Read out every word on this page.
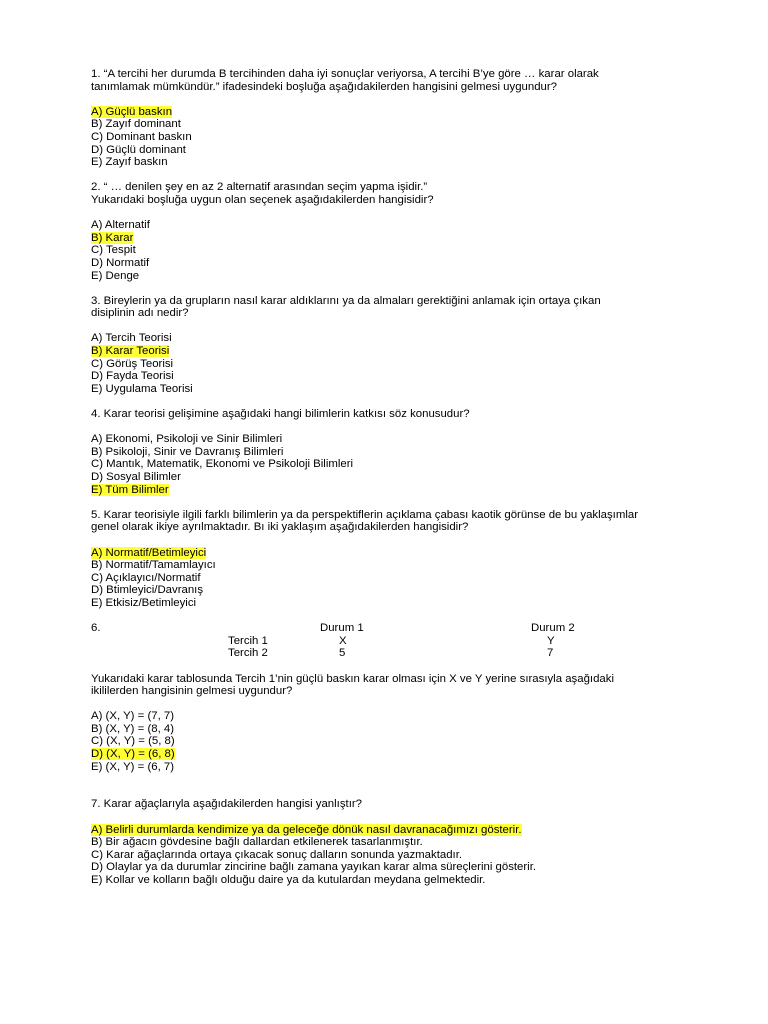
1. “A tercihi her durumda B tercihinden daha iyi sonuçlar veriyorsa, A tercihi B’ye göre … karar olarak
tanımlamak mümkündür.” ifadesindeki boşluğa aşağıdakilerden hangisini gelmesi uygundur?
A) Güçlü baskın
B) Zayıf dominant
C) Dominant baskın
D) Güçlü dominant
E) Zayıf baskın
2. “ … denilen şey en az 2 alternatif arasından seçim yapma işidir.”
Yukarıdaki boşluğa uygun olan seçenek aşağıdakilerden hangisidir?
A) Alternatif
B) Karar
C) Tespit
D) Normatif
E) Denge
3. Bireylerin ya da grupların nasıl karar aldıklarını ya da almaları gerektiğini anlamak için ortaya çıkan
disiplinin adı nedir?
A) Tercih Teorisi
B) Karar Teorisi
C) Görüş Teorisi
D) Fayda Teorisi
E) Uygulama Teorisi
4. Karar teorisi gelişimine aşağıdaki hangi bilimlerin katkısı söz konusudur?
A) Ekonomi, Psikoloji ve Sinir Bilimleri
B) Psikoloji, Sinir ve Davranış Bilimleri
C) Mantık, Matematik, Ekonomi ve Psikoloji Bilimleri
D) Sosyal Bilimler
E) Tüm Bilimler
5. Karar teorisiyle ilgili farklı bilimlerin ya da perspektiflerin açıklama çabası kaotik görünse de bu yaklaşımlar
genel olarak ikiye ayrılmaktadır. Bı iki yaklaşım aşağıdakilerden hangisidir?
A) Normatif/Betimleyici
B) Normatif/Tamamlayıcı
C) Açıklayıcı/Normatif
D) Btimleyici/Davranış
E) Etkisiz/Betimleyici
6.	Durum 1	Durum 2
Tercih 1	X	Y
Tercih 2	5	7
Yukarıdaki karar tablosunda Tercih 1’nin güçlü baskın karar olması için X ve Y yerine sırasıyla aşağıdaki
ikililerden hangisinin gelmesi uygundur?
A) (X, Y) = (7, 7)
B) (X, Y) = (8, 4)
C) (X, Y) = (5, 8)
D) (X, Y) = (6, 8)
E) (X, Y) = (6, 7)
7. Karar ağaçlarıyla aşağıdakilerden hangisi yanlıştır?
A) Belirli durumlarda kendimize ya da geleceğe dönük nasıl davranacağımızı gösterir.
B) Bir ağacın gövdesine bağlı dallardan etkilenerek tasarlanmıştır.
C) Karar ağaçlarında ortaya çıkacak sonuç dalların sonunda yazmaktadır.
D) Olaylar ya da durumlar zincirine bağlı zamana yayıkan karar alma süreçlerini gösterir.
E) Kollar ve kolların bağlı olduğu daire ya da kutulardan meydana gelmektedir.
